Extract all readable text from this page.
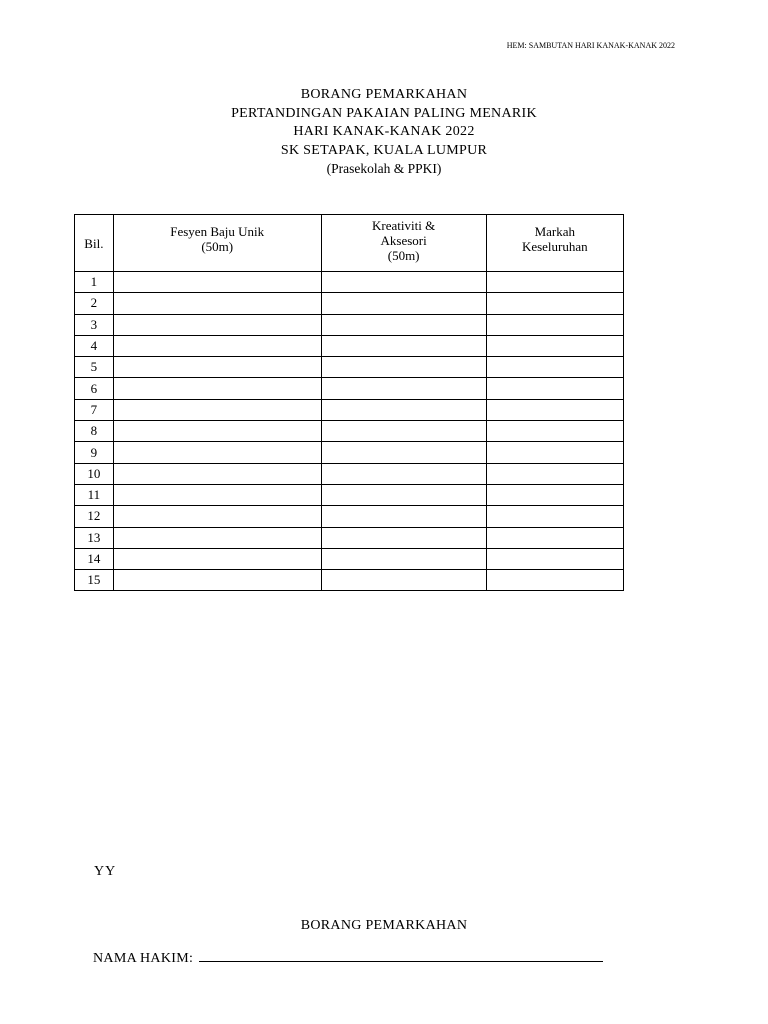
HEM: SAMBUTAN HARI KANAK-KANAK 2022
BORANG PEMARKAHAN
PERTANDINGAN PAKAIAN PALING MENARIK
HARI KANAK-KANAK 2022
SK SETAPAK, KUALA LUMPUR
(Prasekolah & PPKI)
Bil.	Fesyen Baju Unik (50m)	Kreativiti & Aksesori (50m)	Markah Keseluruhan
1			
2			
3			
4			
5			
6			
7			
8			
9			
10			
11			
12			
13			
14			
15			
YY
BORANG PEMARKAHAN
NAMA HAKIM:
